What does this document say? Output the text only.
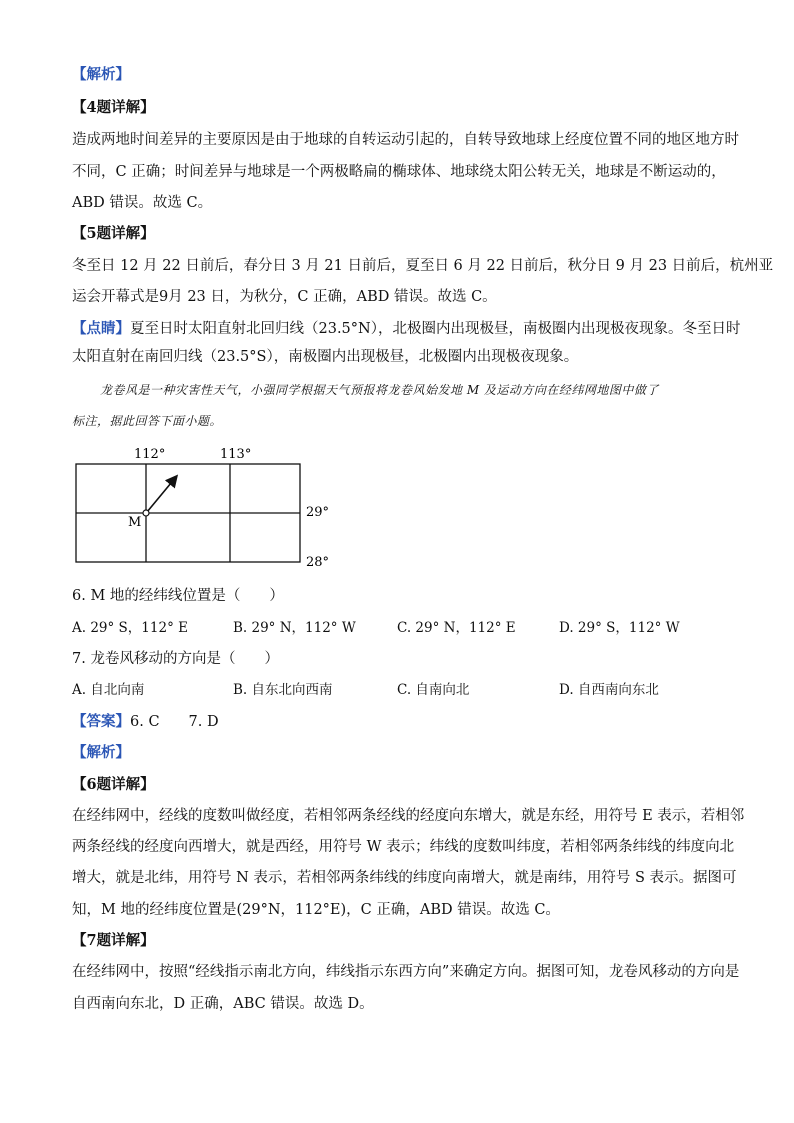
【解析】
【4题详解】
造成两地时间差异的主要原因是由于地球的自转运动引起的，自转导致地球上经度位置不同的地区地方时
不同，C 正确；时间差异与地球是一个两极略扁的椭球体、地球绕太阳公转无关，地球是不断运动的，
ABD 错误。故选 C。
【5题详解】
冬至日 12 月 22 日前后，春分日 3 月 21 日前后，夏至日 6 月 22 日前后，秋分日 9 月 23 日前后，杭州亚
运会开幕式是9月 23 日，为秋分，C 正确，ABD 错误。故选 C。
【点睛】夏至日时太阳直射北回归线（23.5°N），北极圈内出现极昼，南极圈内出现极夜现象。冬至日时
太阳直射在南回归线（23.5°S），南极圈内出现极昼，北极圈内出现极夜现象。
龙卷风是一种灾害性天气，小强同学根据天气预报将龙卷风始发地 M 及运动方向在经纬网地图中做了
标注，据此回答下面小题。
112°	113°
M
29°
28°
6. M 地的经纬线位置是（　　）
A. 29° S，112° E	B. 29° N，112° W	C. 29° N，112° E	D. 29° S，112° W
7. 龙卷风移动的方向是（　　）
A. 自北向南	B. 自东北向西南	C. 自南向北	D. 自西南向东北
【答案】6. C　　7. D
【解析】
【6题详解】
在经纬网中，经线的度数叫做经度，若相邻两条经线的经度向东增大，就是东经，用符号 E 表示，若相邻
两条经线的经度向西增大，就是西经，用符号 W 表示；纬线的度数叫纬度，若相邻两条纬线的纬度向北
增大，就是北纬，用符号 N 表示，若相邻两条纬线的纬度向南增大，就是南纬，用符号 S 表示。据图可
知，M 地的经纬度位置是(29°N，112°E)，C 正确，ABD 错误。故选 C。
【7题详解】
在经纬网中，按照“经线指示南北方向，纬线指示东西方向”来确定方向。据图可知，龙卷风移动的方向是
自西南向东北，D 正确，ABC 错误。故选 D。
